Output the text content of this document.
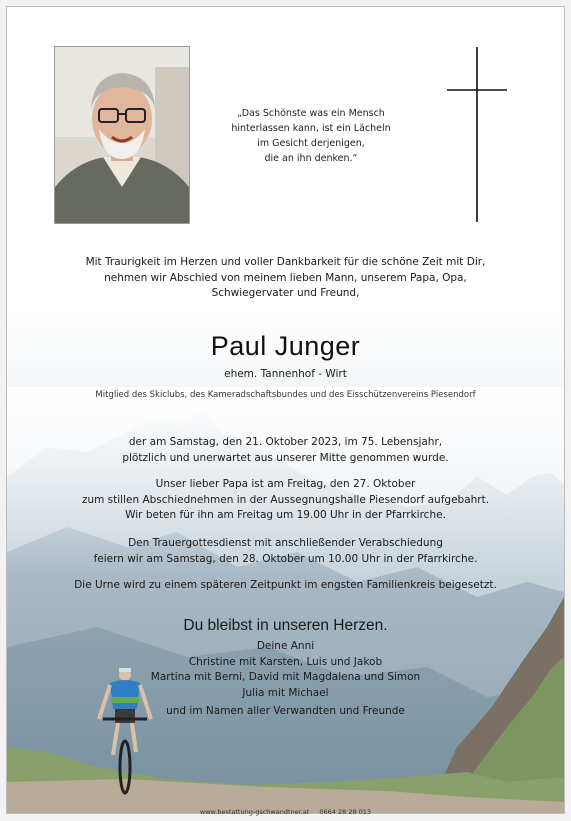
„Das Schönste was ein Mensch
hinterlassen kann, ist ein Lächeln
im Gesicht derjenigen,
die an ihn denken.“
Mit Traurigkeit im Herzen und voller Dankbarkeit für die schöne Zeit mit Dir,
nehmen wir Abschied von meinem lieben Mann, unserem Papa, Opa,
Schwiegervater und Freund,
Paul Junger
ehem. Tannenhof - Wirt
Mitglied des Skiclubs, des Kameradschaftsbundes und des Eisschützenvereins Piesendorf
der am Samstag, den 21. Oktober 2023, im 75. Lebensjahr,
plötzlich und unerwartet aus unserer Mitte genommen wurde.
Unser lieber Papa ist am Freitag, den 27. Oktober
zum stillen Abschiednehmen in der Aussegnungshalle Piesendorf aufgebahrt.
Wir beten für ihn am Freitag um 19.00 Uhr in der Pfarrkirche.
Den Trauergottesdienst mit anschließender Verabschiedung
feiern wir am Samstag, den 28. Oktober um 10.00 Uhr in der Pfarrkirche.
Die Urne wird zu einem späteren Zeitpunkt im engsten Familienkreis beigesetzt.
Du bleibst in unseren Herzen.
Deine Anni
Christine mit Karsten, Luis und Jakob
Martina mit Berni, David mit Magdalena und Simon
Julia mit Michael
und im Namen aller Verwandten und Freunde
www.bestattung-gschwandtner.at 0664 28 28 013
